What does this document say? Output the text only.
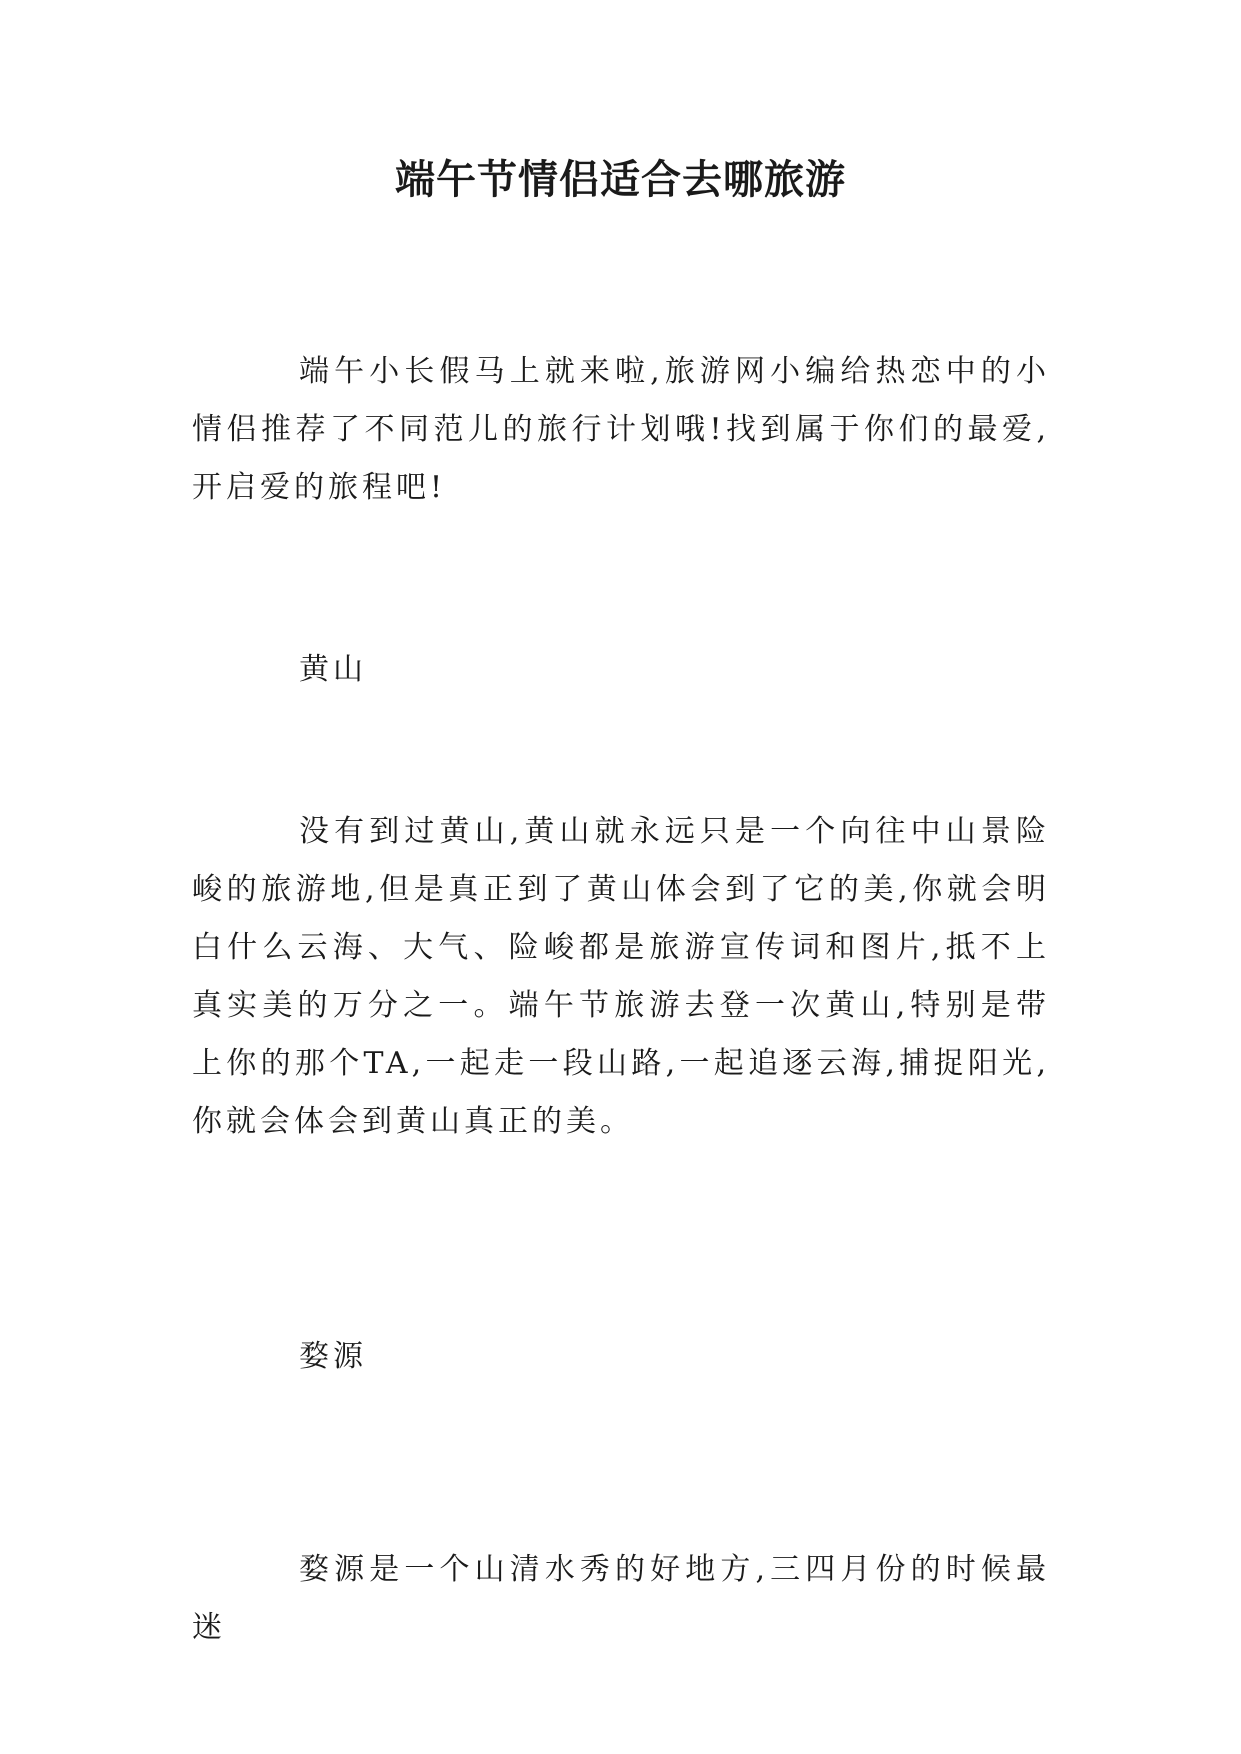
端午节情侣适合去哪旅游

端午小长假马上就来啦,旅游网小编给热恋中的小情侣推荐了不同范儿的旅行计划哦!找到属于你们的最爱,开启爱的旅程吧!

黄山

没有到过黄山,黄山就永远只是一个向往中山景险峻的旅游地,但是真正到了黄山体会到了它的美,你就会明白什么云海、大气、险峻都是旅游宣传词和图片,抵不上真实美的万分之一。端午节旅游去登一次黄山,特别是带上你的那个TA,一起走一段山路,一起追逐云海,捕捉阳光,你就会体会到黄山真正的美。

婺源

婺源是一个山清水秀的好地方,三四月份的时候最迷
